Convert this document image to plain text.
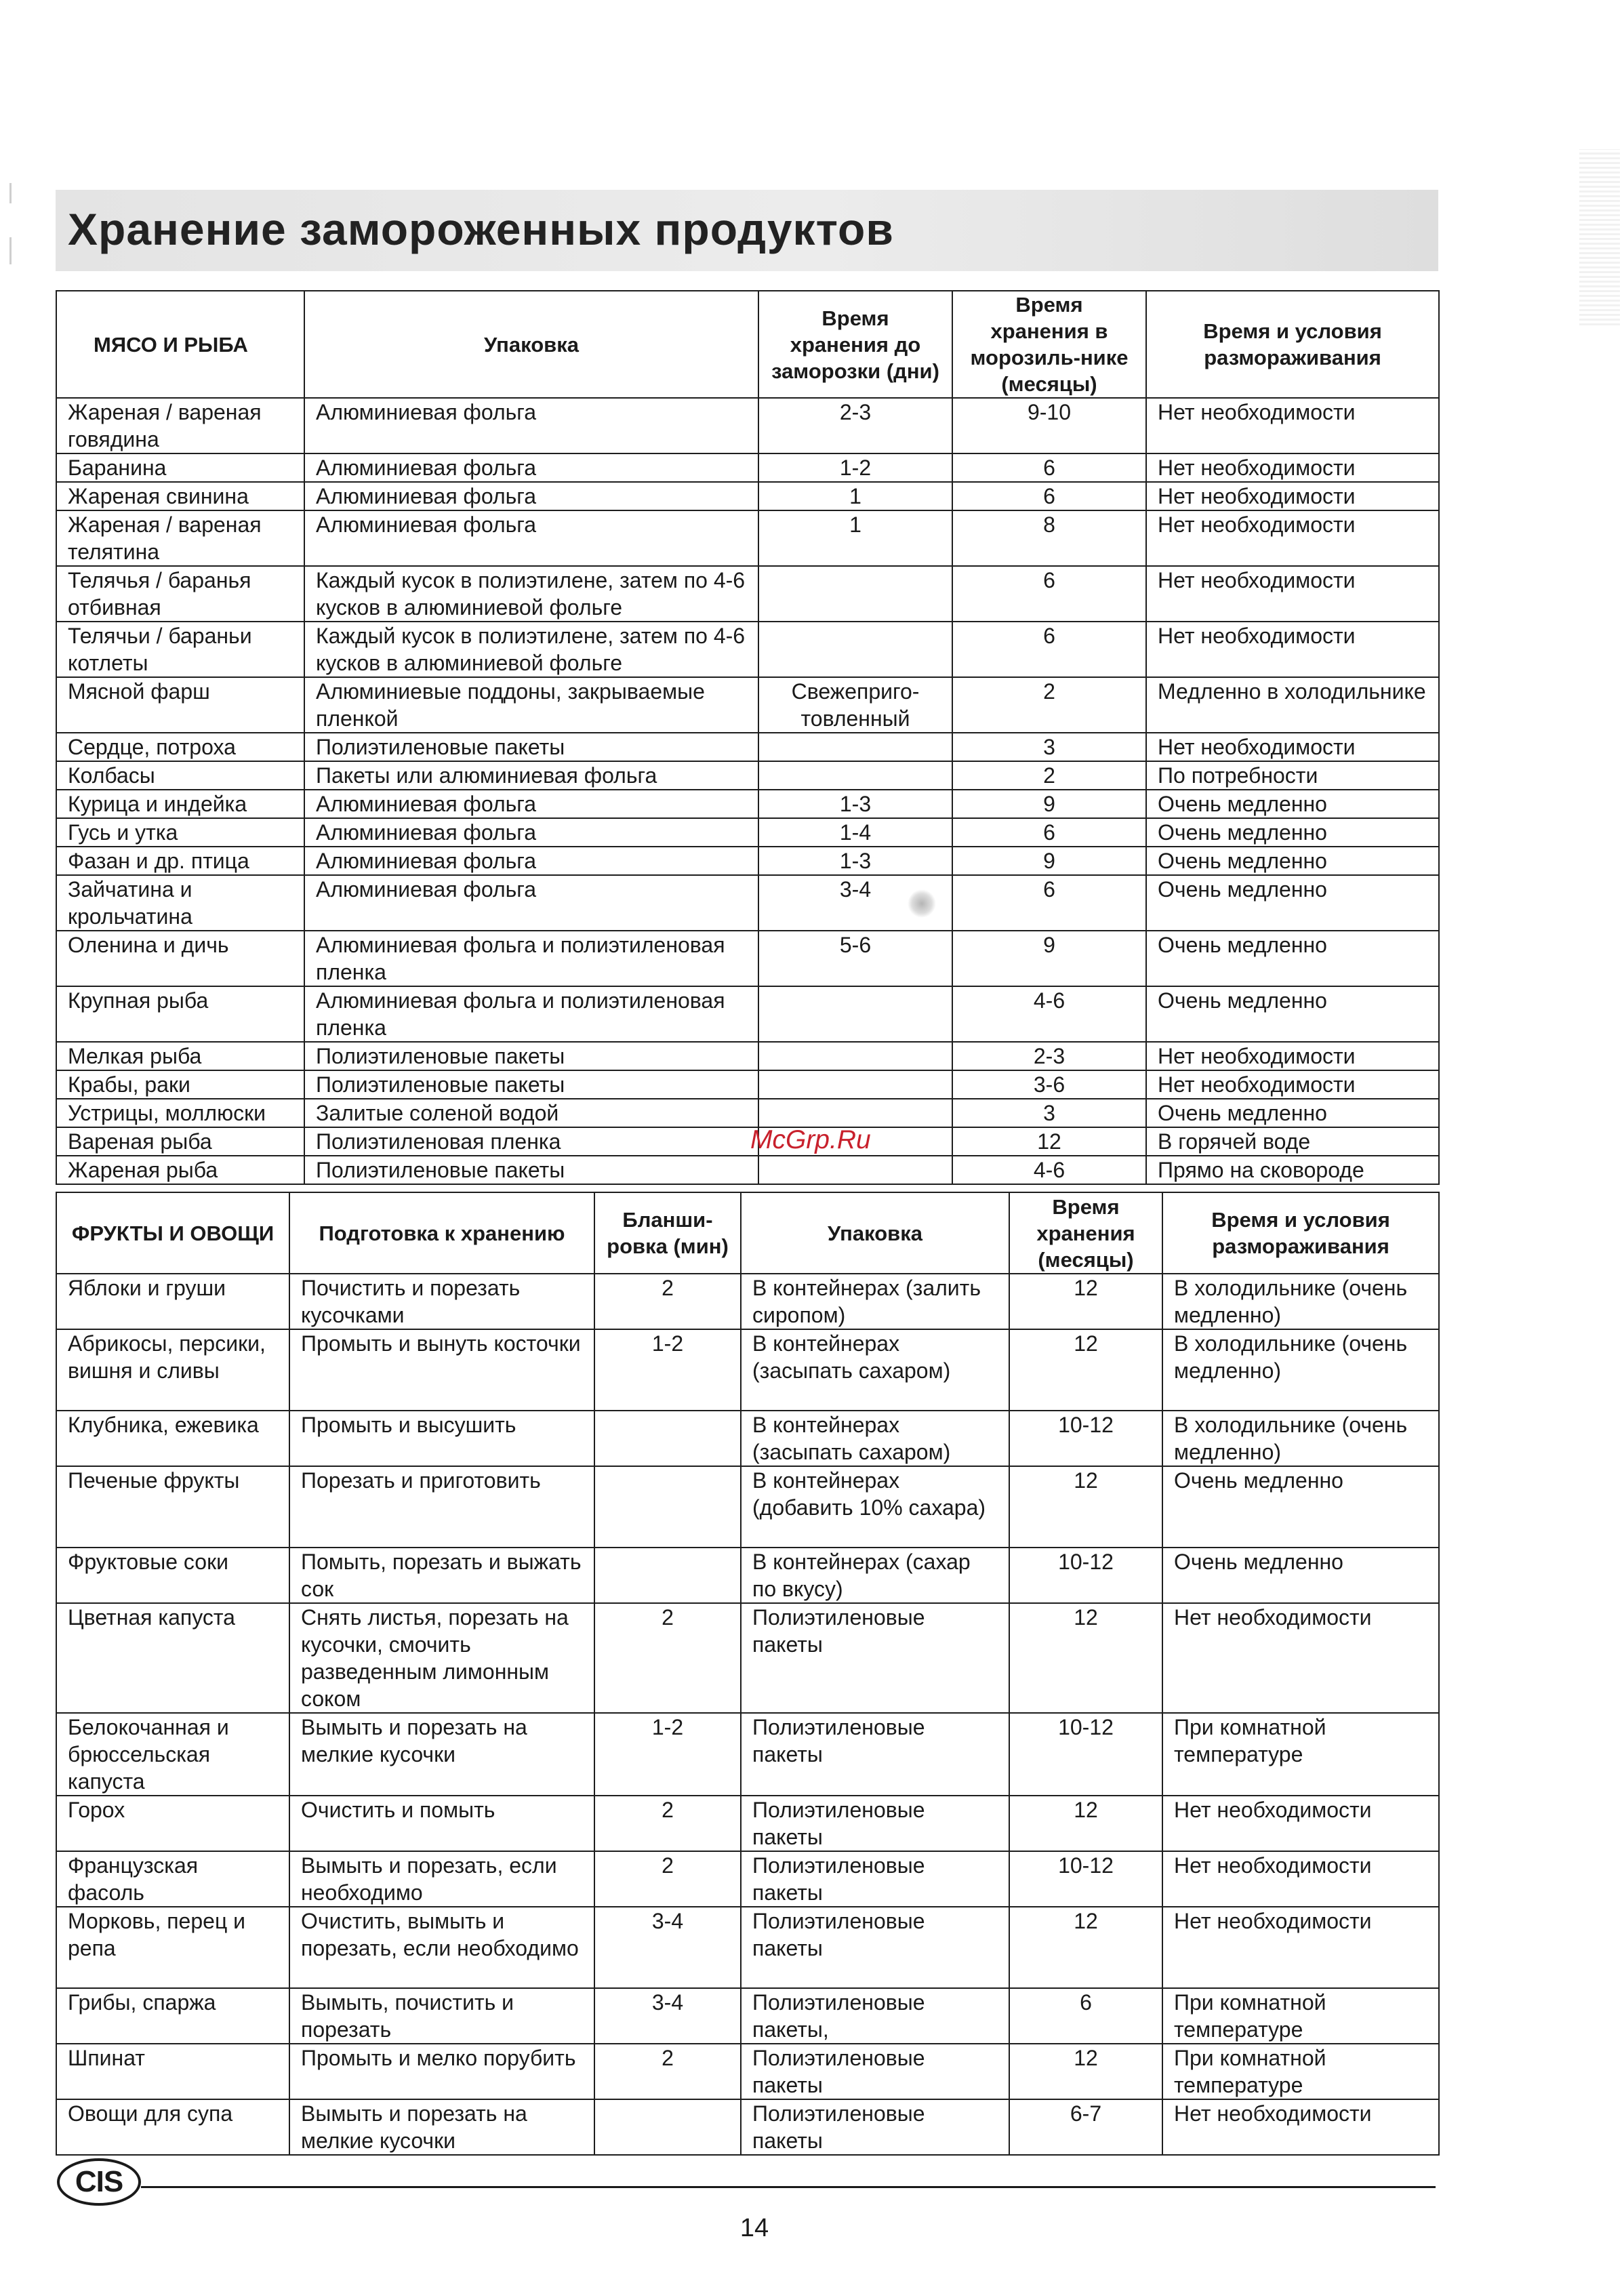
Хранение замороженных продуктов
МЯСО И РЫБА	Упаковка	Время хранения до заморозки (дни)	Время хранения в морозиль-нике (месяцы)	Время и условия размораживания
Жареная / вареная говядина	Алюминиевая фольга	2-3	9-10	Нет необходимости
Баранина	Алюминиевая фольга	1-2	6	Нет необходимости
Жареная свинина	Алюминиевая фольга	1	6	Нет необходимости
Жареная / вареная телятина	Алюминиевая фольга	1	8	Нет необходимости
Телячья / баранья отбивная	Каждый кусок в полиэтилене, затем по 4-6 кусков в алюминиевой фольге		6	Нет необходимости
Телячьи / бараньи котлеты	Каждый кусок в полиэтилене, затем по 4-6 кусков в алюминиевой фольге		6	Нет необходимости
Мясной фарш	Алюминиевые поддоны, закрываемые пленкой	Свежеприго-товленный	2	Медленно в холодильнике
Сердце, потроха	Полиэтиленовые пакеты		3	Нет необходимости
Колбасы	Пакеты или алюминиевая фольга		2	По потребности
Курица и индейка	Алюминиевая фольга	1-3	9	Очень медленно
Гусь и утка	Алюминиевая фольга	1-4	6	Очень медленно
Фазан и др. птица	Алюминиевая фольга	1-3	9	Очень медленно
Зайчатина и крольчатина	Алюминиевая фольга	3-4	6	Очень медленно
Оленина и дичь	Алюминиевая фольга и полиэтиленовая пленка	5-6	9	Очень медленно
Крупная рыба	Алюминиевая фольга и полиэтиленовая пленка		4-6	Очень медленно
Мелкая рыба	Полиэтиленовые пакеты		2-3	Нет необходимости
Крабы, раки	Полиэтиленовые пакеты		3-6	Нет необходимости
Устрицы, моллюски	Залитые соленой водой		3	Очень медленно
Вареная рыба	Полиэтиленовая пленка		12	В горячей воде
Жареная рыба	Полиэтиленовые пакеты		4-6	Прямо на сковороде

McGrp.Ru

ФРУКТЫ И ОВОЩИ	Подготовка к хранению	Бланши-ровка (мин)	Упаковка	Время хранения (месяцы)	Время и условия размораживания
Яблоки и груши	Почистить и порезать кусочками	2	В контейнерах (залить сиропом)	12	В холодильнике (очень медленно)
Абрикосы, персики, вишня и сливы	Промыть и вынуть косточки	1-2	В контейнерах (засыпать сахаром)	12	В холодильнике (очень медленно)
Клубника, ежевика	Промыть и высушить		В контейнерах (засыпать сахаром)	10-12	В холодильнике (очень медленно)
Печеные фрукты	Порезать и приготовить		В контейнерах (добавить 10% сахара)	12	Очень медленно
Фруктовые соки	Помыть, порезать и выжать сок		В контейнерах (сахар по вкусу)	10-12	Очень медленно
Цветная капуста	Снять листья, порезать на кусочки, смочить разведенным лимонным соком	2	Полиэтиленовые пакеты	12	Нет необходимости
Белокочанная и брюссельская капуста	Вымыть и порезать на мелкие кусочки	1-2	Полиэтиленовые пакеты	10-12	При комнатной температуре
Горох	Очистить и помыть	2	Полиэтиленовые пакеты	12	Нет необходимости
Французская фасоль	Вымыть и порезать, если необходимо	2	Полиэтиленовые пакеты	10-12	Нет необходимости
Морковь, перец и репа	Очистить, вымыть и порезать, если необходимо	3-4	Полиэтиленовые пакеты	12	Нет необходимости
Грибы, спаржа	Вымыть, почистить и порезать	3-4	Полиэтиленовые пакеты,	6	При комнатной температуре
Шпинат	Промыть и мелко порубить	2	Полиэтиленовые пакеты	12	При комнатной температуре
Овощи для супа	Вымыть и порезать на мелкие кусочки		Полиэтиленовые пакеты	6-7	Нет необходимости
CIS

14
